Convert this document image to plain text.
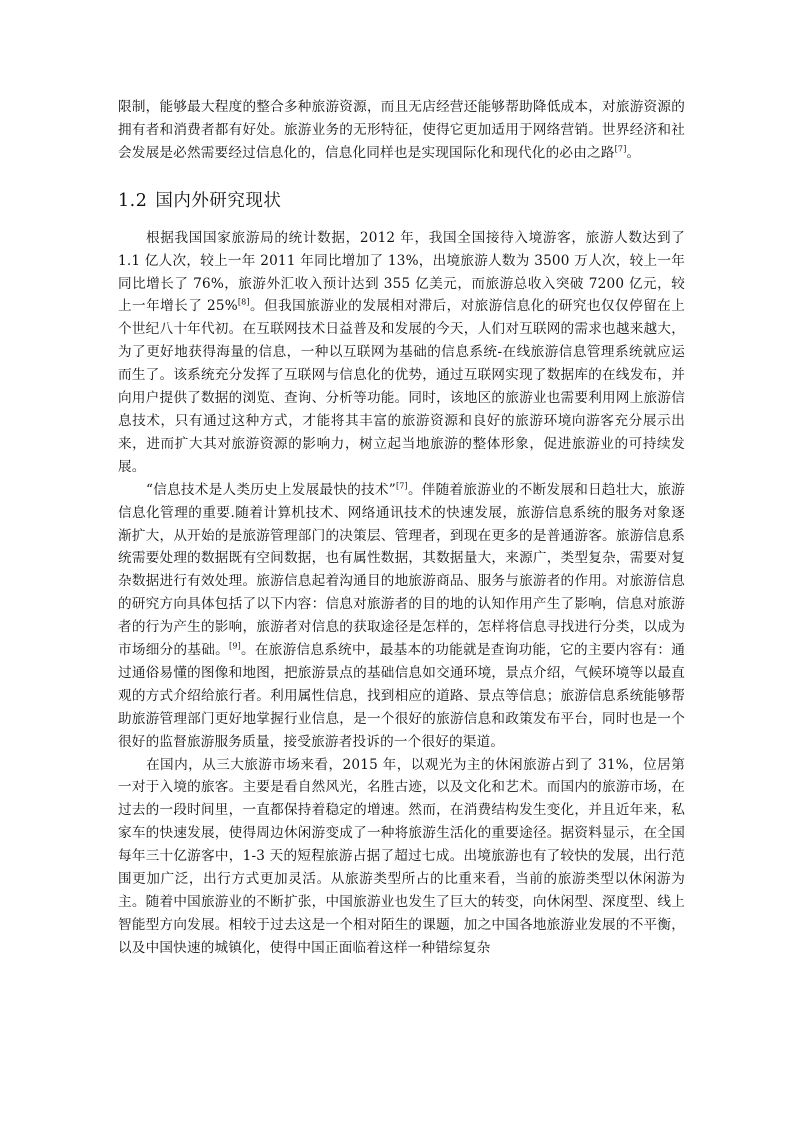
限制，能够最大程度的整合多种旅游资源，而且无店经营还能够帮助降低成本，对旅游资源的拥有者和消费者都有好处。旅游业务的无形特征，使得它更加适用于网络营销。世界经济和社会发展是必然需要经过信息化的，信息化同样也是实现国际化和现代化的必由之路[7]。

1.2 国内外研究现状

根据我国国家旅游局的统计数据，2012 年，我国全国接待入境游客，旅游人数达到了 1.1 亿人次，较上一年 2011 年同比增加了 13%，出境旅游人数为 3500 万人次，较上一年同比增长了 76%，旅游外汇收入预计达到 355 亿美元，而旅游总收入突破 7200 亿元，较上一年增长了 25%[8]。但我国旅游业的发展相对滞后，对旅游信息化的研究也仅仅停留在上个世纪八十年代初。在互联网技术日益普及和发展的今天，人们对互联网的需求也越来越大，为了更好地获得海量的信息，一种以互联网为基础的信息系统-在线旅游信息管理系统就应运而生了。该系统充分发挥了互联网与信息化的优势，通过互联网实现了数据库的在线发布，并向用户提供了数据的浏览、查询、分析等功能。同时，该地区的旅游业也需要利用网上旅游信息技术，只有通过这种方式，才能将其丰富的旅游资源和良好的旅游环境向游客充分展示出来，进而扩大其对旅游资源的影响力，树立起当地旅游的整体形象，促进旅游业的可持续发展。

“信息技术是人类历史上发展最快的技术”[7]。伴随着旅游业的不断发展和日趋壮大，旅游信息化管理的重要.随着计算机技术、网络通讯技术的快速发展，旅游信息系统的服务对象逐渐扩大，从开始的是旅游管理部门的决策层、管理者，到现在更多的是普通游客。旅游信息系统需要处理的数据既有空间数据，也有属性数据，其数据量大，来源广，类型复杂，需要对复杂数据进行有效处理。旅游信息起着沟通目的地旅游商品、服务与旅游者的作用。对旅游信息的研究方向具体包括了以下内容：信息对旅游者的目的地的认知作用产生了影响，信息对旅游者的行为产生的影响，旅游者对信息的获取途径是怎样的，怎样将信息寻找进行分类，以成为市场细分的基础。[9]。在旅游信息系统中，最基本的功能就是查询功能，它的主要内容有：通过通俗易懂的图像和地图，把旅游景点的基础信息如交通环境，景点介绍，气候环境等以最直观的方式介绍给旅行者。利用属性信息，找到相应的道路、景点等信息；旅游信息系统能够帮助旅游管理部门更好地掌握行业信息，是一个很好的旅游信息和政策发布平台，同时也是一个很好的监督旅游服务质量，接受旅游者投诉的一个很好的渠道。

在国内，从三大旅游市场来看，2015 年，以观光为主的休闲旅游占到了 31%，位居第一对于入境的旅客。主要是看自然风光，名胜古迹，以及文化和艺术。而国内的旅游市场，在过去的一段时间里，一直都保持着稳定的增速。然而，在消费结构发生变化，并且近年来，私家车的快速发展，使得周边休闲游变成了一种将旅游生活化的重要途径。据资料显示，在全国每年三十亿游客中，1-3 天的短程旅游占据了超过七成。出境旅游也有了较快的发展，出行范围更加广泛，出行方式更加灵活。从旅游类型所占的比重来看，当前的旅游类型以休闲游为主。随着中国旅游业的不断扩张，中国旅游业也发生了巨大的转变，向休闲型、深度型、线上智能型方向发展。相较于过去这是一个相对陌生的课题，加之中国各地旅游业发展的不平衡，以及中国快速的城镇化，使得中国正面临着这样一种错综复杂
